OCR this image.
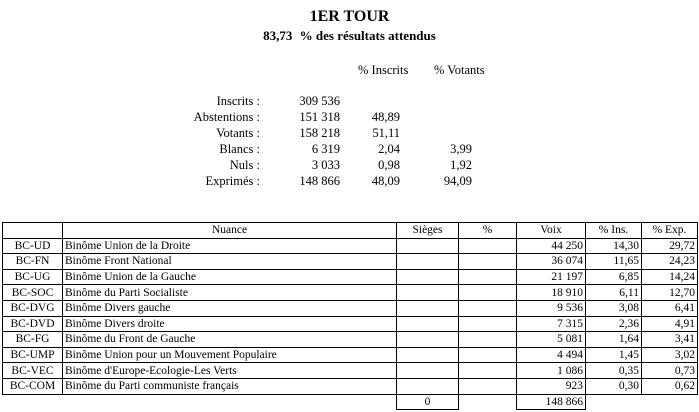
1ER TOUR
83,73 % des résultats attendus
% Inscrits % Votants
Inscrits :	309 536
Abstentions :	151 318	48,89
Votants :	158 218	51,11
Blancs :	6 319	2,04	3,99
Nuls :	3 033	0,98	1,92
Exprimés :	148 866	48,09	94,09
	Nuance	Sièges	%	Voix	% Ins.	% Exp.
BC-UD	Binôme Union de la Droite			44 250	14,30	29,72
BC-FN	Binôme Front National			36 074	11,65	24,23
BC-UG	Binôme Union de la Gauche			21 197	6,85	14,24
BC-SOC	Binôme du Parti Socialiste			18 910	6,11	12,70
BC-DVG	Binôme Divers gauche			9 536	3,08	6,41
BC-DVD	Binôme Divers droite			7 315	2,36	4,91
BC-FG	Binôme du Front de Gauche			5 081	1,64	3,41
BC-UMP	Binôme Union pour un Mouvement Populaire			4 494	1,45	3,02
BC-VEC	Binôme d'Europe-Ecologie-Les Verts			1 086	0,35	0,73
BC-COM	Binôme du Parti communiste français			923	0,30	0,62
		0		148 866		
